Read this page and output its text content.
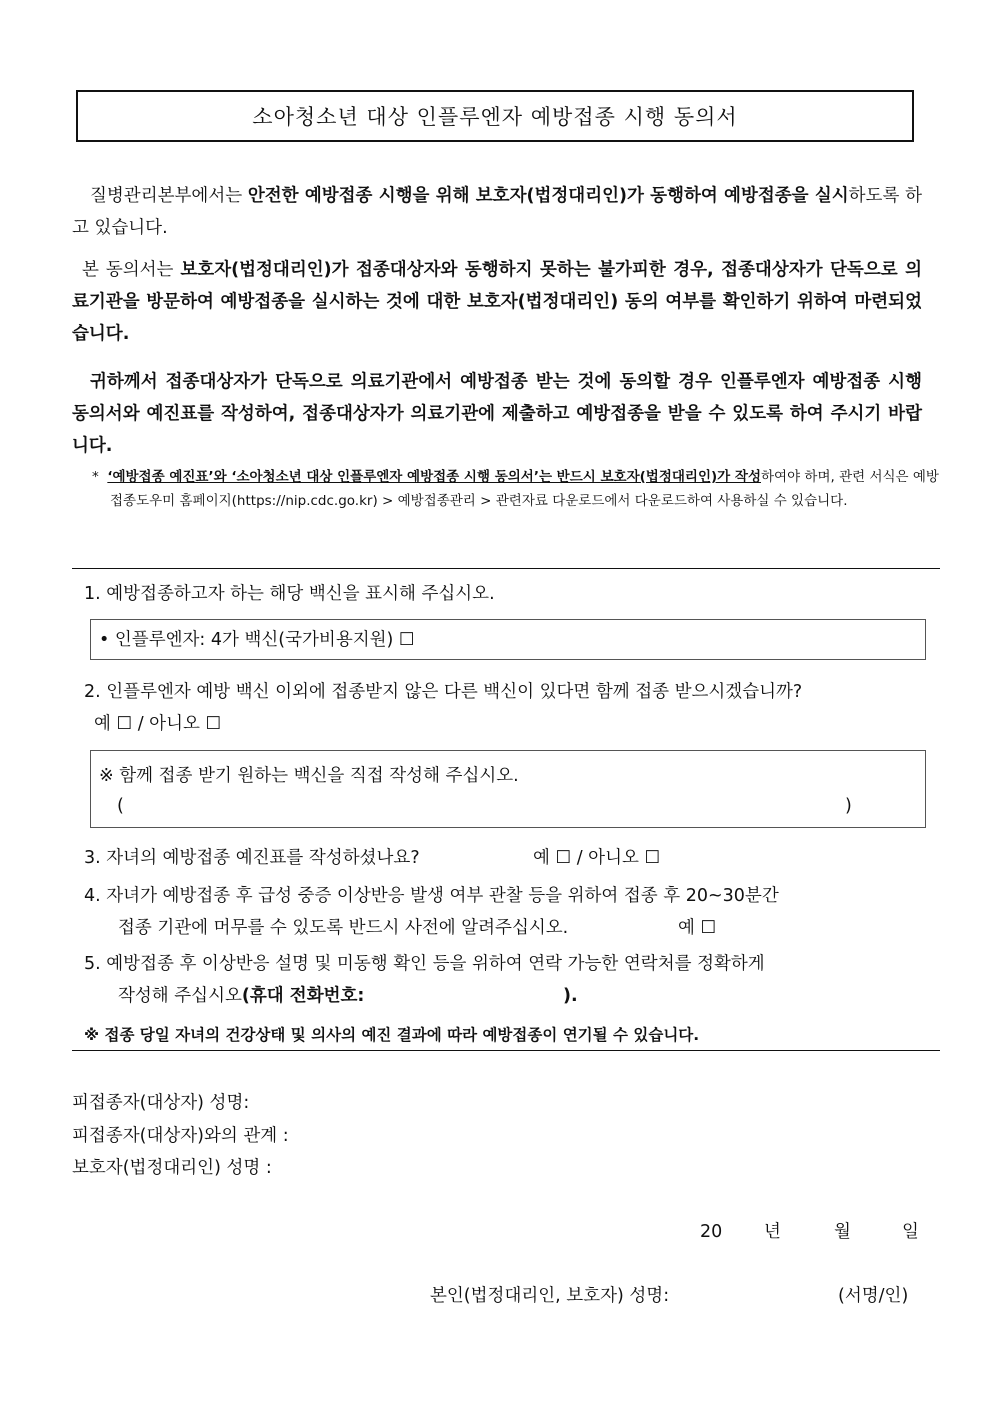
소아청소년 대상 인플루엔자 예방접종 시행 동의서
질병관리본부에서는 안전한 예방접종 시행을 위해 보호자(법정대리인)가 동행하여 예방접종을 실시하도록 하고 있습니다.
본 동의서는 보호자(법정대리인)가 접종대상자와 동행하지 못하는 불가피한 경우, 접종대상자가 단독으로 의료기관을 방문하여 예방접종을 실시하는 것에 대한 보호자(법정대리인) 동의 여부를 확인하기 위하여 마련되었습니다.
귀하께서 접종대상자가 단독으로 의료기관에서 예방접종 받는 것에 동의할 경우 인플루엔자 예방접종 시행 동의서와 예진표를 작성하여, 접종대상자가 의료기관에 제출하고 예방접종을 받을 수 있도록 하여 주시기 바랍니다.
* ‘예방접종 예진표’와 ‘소아청소년 대상 인플루엔자 예방접종 시행 동의서’는 반드시 보호자(법정대리인)가 작성하여야 하며, 관련 서식은 예방접종도우미 홈페이지(https://nip.cdc.go.kr) > 예방접종관리 > 관련자료 다운로드에서 다운로드하여 사용하실 수 있습니다.
1. 예방접종하고자 하는 해당 백신을 표시해 주십시오.
• 인플루엔자: 4가 백신(국가비용지원) ☐
2. 인플루엔자 예방 백신 이외에 접종받지 않은 다른 백신이 있다면 함께 접종 받으시겠습니까?
예 ☐ / 아니오 ☐
※ 함께 접종 받기 원하는 백신을 직접 작성해 주십시오.
(	)
3. 자녀의 예방접종 예진표를 작성하셨나요?	예 ☐ / 아니오 ☐
4. 자녀가 예방접종 후 급성 중증 이상반응 발생 여부 관찰 등을 위하여 접종 후 20~30분간
접종 기관에 머무를 수 있도록 반드시 사전에 알려주십시오.	예 ☐
5. 예방접종 후 이상반응 설명 및 미동행 확인 등을 위하여 연락 가능한 연락처를 정확하게
작성해 주십시오(휴대 전화번호:	).
※ 접종 당일 자녀의 건강상태 및 의사의 예진 결과에 따라 예방접종이 연기될 수 있습니다.
피접종자(대상자) 성명:
피접종자(대상자)와의 관계 :
보호자(법정대리인) 성명 :
20 년	월	일
본인(법정대리인, 보호자) 성명:	(서명/인)
